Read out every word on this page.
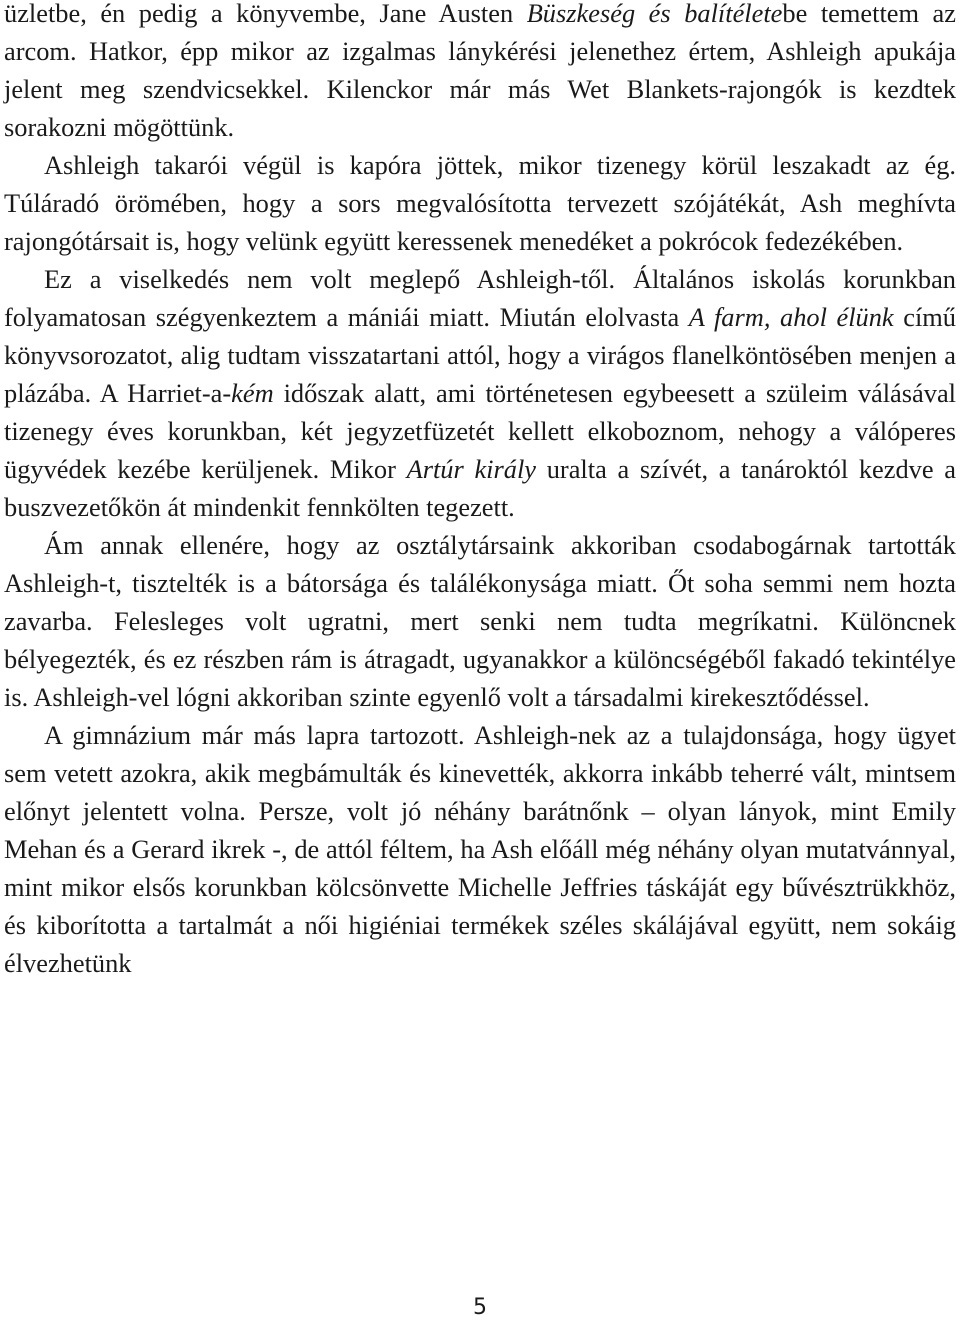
üzletbe, én pedig a könyvembe, Jane Austen Büszkeség és balítéletebe temettem az arcom. Hatkor, épp mikor az izgalmas lánykérési jelenethez értem, Ashleigh apukája jelent meg szendvicsekkel. Kilenckor már más Wet Blankets-rajongók is kezdtek sorakozni mögöttünk.

Ashleigh takarói végül is kapóra jöttek, mikor tizenegy körül leszakadt az ég. Túláradó örömében, hogy a sors megvalósította tervezett szójátékát, Ash meghívta rajongótársait is, hogy velünk együtt keressenek menedéket a pokrócok fedezékében.

Ez a viselkedés nem volt meglepő Ashleigh-től. Általános iskolás korunkban folyamatosan szégyenkeztem a mániái miatt. Miután elolvasta A farm, ahol élünk című könyvsorozatot, alig tudtam visszatartani attól, hogy a virágos flanelköntösében menjen a plázába. A Harriet-a-kém időszak alatt, ami történetesen egybeesett a szüleim válásával tizenegy éves korunkban, két jegyzetfüzetét kellett elkoboznom, nehogy a válóperes ügyvédek kezébe kerüljenek. Mikor Artúr király uralta a szívét, a tanároktól kezdve a buszvezetőkön át mindenkit fennkölten tegezett.

Ám annak ellenére, hogy az osztálytársaink akkoriban csodabogárnak tartották Ashleigh-t, tisztelték is a bátorsága és találékonysága miatt. Őt soha semmi nem hozta zavarba. Felesleges volt ugratni, mert senki nem tudta megríkatni. Különcnek bélyegezték, és ez részben rám is átragadt, ugyanakkor a különcségéből fakadó tekintélye is. Ashleigh-vel lógni akkoriban szinte egyenlő volt a társadalmi kirekesztődéssel.

A gimnázium már más lapra tartozott. Ashleigh-nek az a tulajdonsága, hogy ügyet sem vetett azokra, akik megbámulták és kinevették, akkorra inkább teherré vált, mintsem előnyt jelentett volna. Persze, volt jó néhány barátnőnk – olyan lányok, mint Emily Mehan és a Gerard ikrek -, de attól féltem, ha Ash előáll még néhány olyan mutatvánnyal, mint mikor elsős korunkban kölcsönvette Michelle Jeffries táskáját egy bűvésztrükkhöz, és kiborította a tartalmát a női higiéniai termékek széles skálájával együtt, nem sokáig élvezhetünk

5
